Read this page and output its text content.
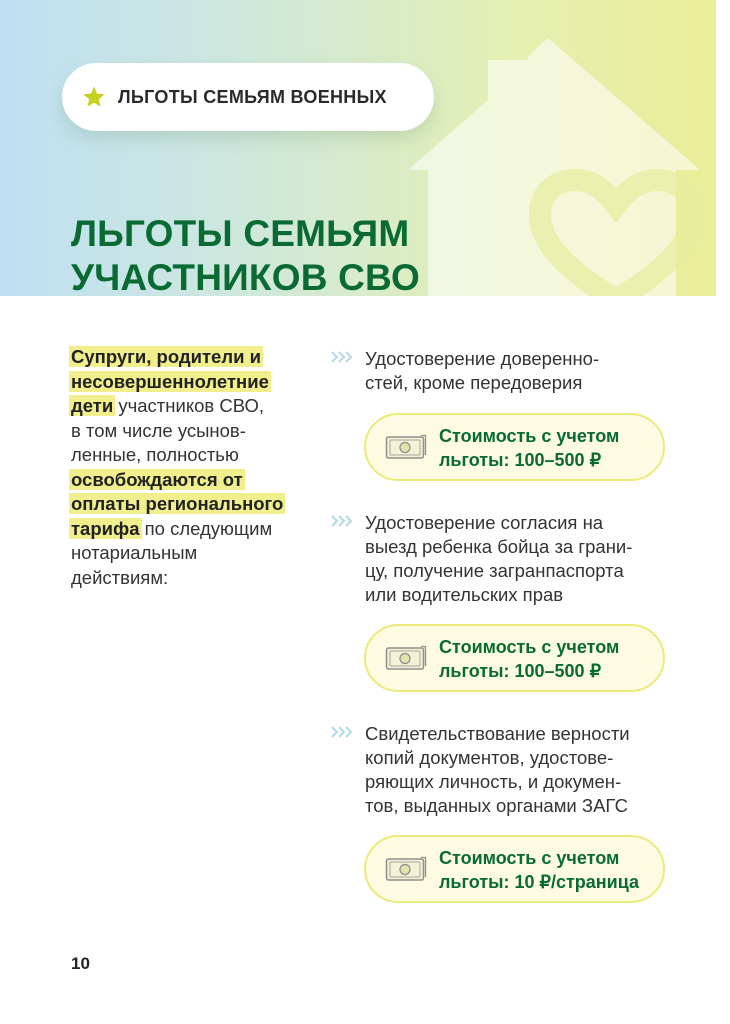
ЛЬГОТЫ СЕМЬЯМ ВОЕННЫХ
ЛЬГОТЫ СЕМЬЯМ
УЧАСТНИКОВ СВО

Супруги, родители и
несовершеннолетние
дети участников СВО,
в том числе усынов-
ленные, полностью
освобождаются от
оплаты регионального
тарифа по следующим
нотариальным
действиям:

Удостоверение доверенно-
стей, кроме передоверия

Стоимость с учетом
льготы: 100–500 ₽

Удостоверение согласия на
выезд ребенка бойца за грани-
цу, получение загранпаспорта
или водительских прав

Стоимость с учетом
льготы: 100–500 ₽

Свидетельствование верности
копий документов, удостове-
ряющих личность, и докумен-
тов, выданных органами ЗАГС

Стоимость с учетом
льготы: 10 ₽/страница

10
